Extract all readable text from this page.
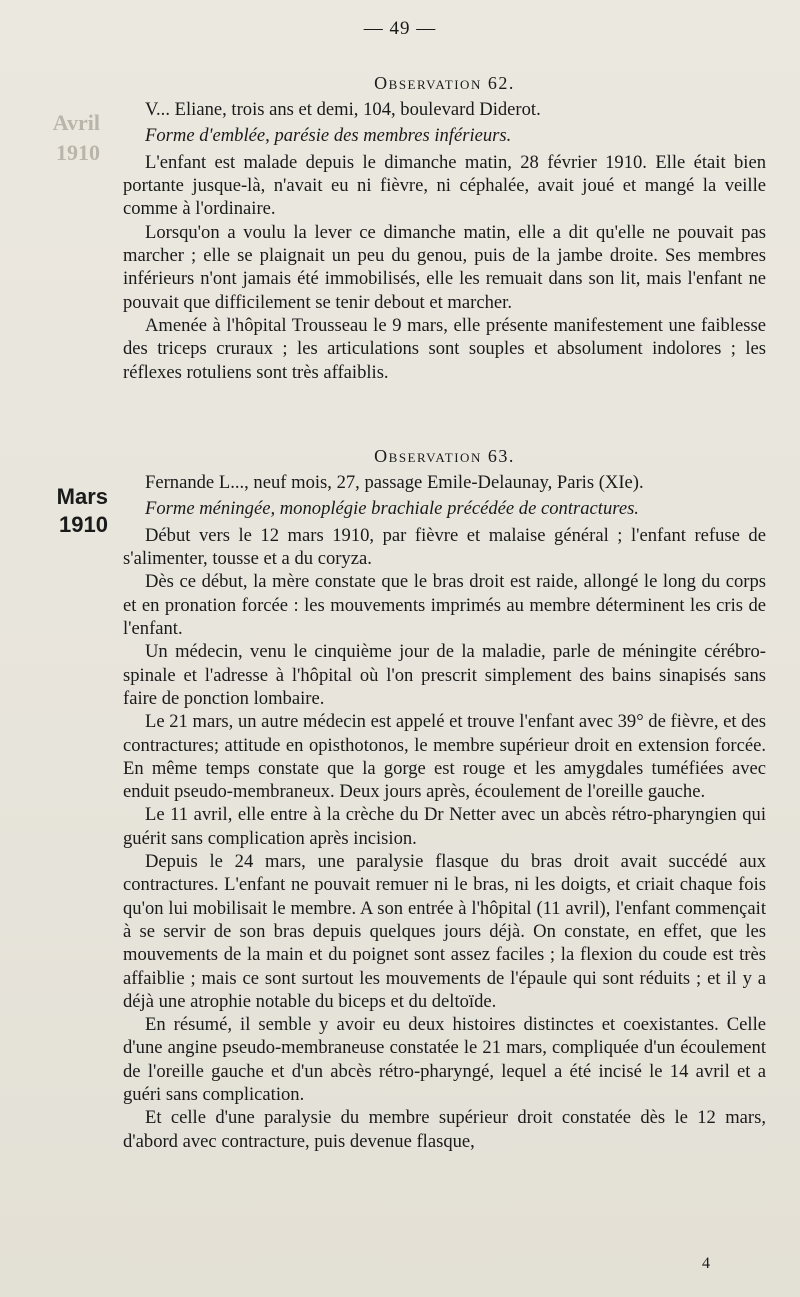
— 49 —
Avril 1910
Mars 1910
Observation 62.

V... Eliane, trois ans et demi, 104, boulevard Diderot.

Forme d'emblée, parésie des membres inférieurs.

L'enfant est malade depuis le dimanche matin, 28 février 1910. Elle était bien portante jusque-là, n'avait eu ni fièvre, ni céphalée, avait joué et mangé la veille comme à l'ordinaire.

Lorsqu'on a voulu la lever ce dimanche matin, elle a dit qu'elle ne pouvait pas marcher ; elle se plaignait un peu du genou, puis de la jambe droite. Ses membres inférieurs n'ont jamais été immobilisés, elle les remuait dans son lit, mais l'enfant ne pouvait que difficilement se tenir debout et marcher.

Amenée à l'hôpital Trousseau le 9 mars, elle présente manifestement une faiblesse des triceps cruraux ; les articulations sont souples et absolument indolores ; les réflexes rotuliens sont très affaiblis.

Observation 63.

Fernande L..., neuf mois, 27, passage Emile-Delaunay, Paris (XIe).

Forme méningée, monoplégie brachiale précédée de contractures.

Début vers le 12 mars 1910, par fièvre et malaise général ; l'enfant refuse de s'alimenter, tousse et a du coryza.

Dès ce début, la mère constate que le bras droit est raide, allongé le long du corps et en pronation forcée : les mouvements imprimés au membre déterminent les cris de l'enfant.

Un médecin, venu le cinquième jour de la maladie, parle de méningite cérébro-spinale et l'adresse à l'hôpital où l'on prescrit simplement des bains sinapisés sans faire de ponction lombaire.

Le 21 mars, un autre médecin est appelé et trouve l'enfant avec 39° de fièvre, et des contractures; attitude en opisthotonos, le membre supérieur droit en extension forcée. En même temps constate que la gorge est rouge et les amygdales tuméfiées avec enduit pseudo-membraneux. Deux jours après, écoulement de l'oreille gauche.

Le 11 avril, elle entre à la crèche du Dr Netter avec un abcès rétro-pharyngien qui guérit sans complication après incision.

Depuis le 24 mars, une paralysie flasque du bras droit avait succédé aux contractures. L'enfant ne pouvait remuer ni le bras, ni les doigts, et criait chaque fois qu'on lui mobilisait le membre. A son entrée à l'hôpital (11 avril), l'enfant commençait à se servir de son bras depuis quelques jours déjà. On constate, en effet, que les mouvements de la main et du poignet sont assez faciles ; la flexion du coude est très affaiblie ; mais ce sont surtout les mouvements de l'épaule qui sont réduits ; et il y a déjà une atrophie notable du biceps et du deltoïde.

En résumé, il semble y avoir eu deux histoires distinctes et coexistantes. Celle d'une angine pseudo-membraneuse constatée le 21 mars, compliquée d'un écoulement de l'oreille gauche et d'un abcès rétro-pharyngé, lequel a été incisé le 14 avril et a guéri sans complication.

Et celle d'une paralysie du membre supérieur droit constatée dès le 12 mars, d'abord avec contracture, puis devenue flasque,

4
